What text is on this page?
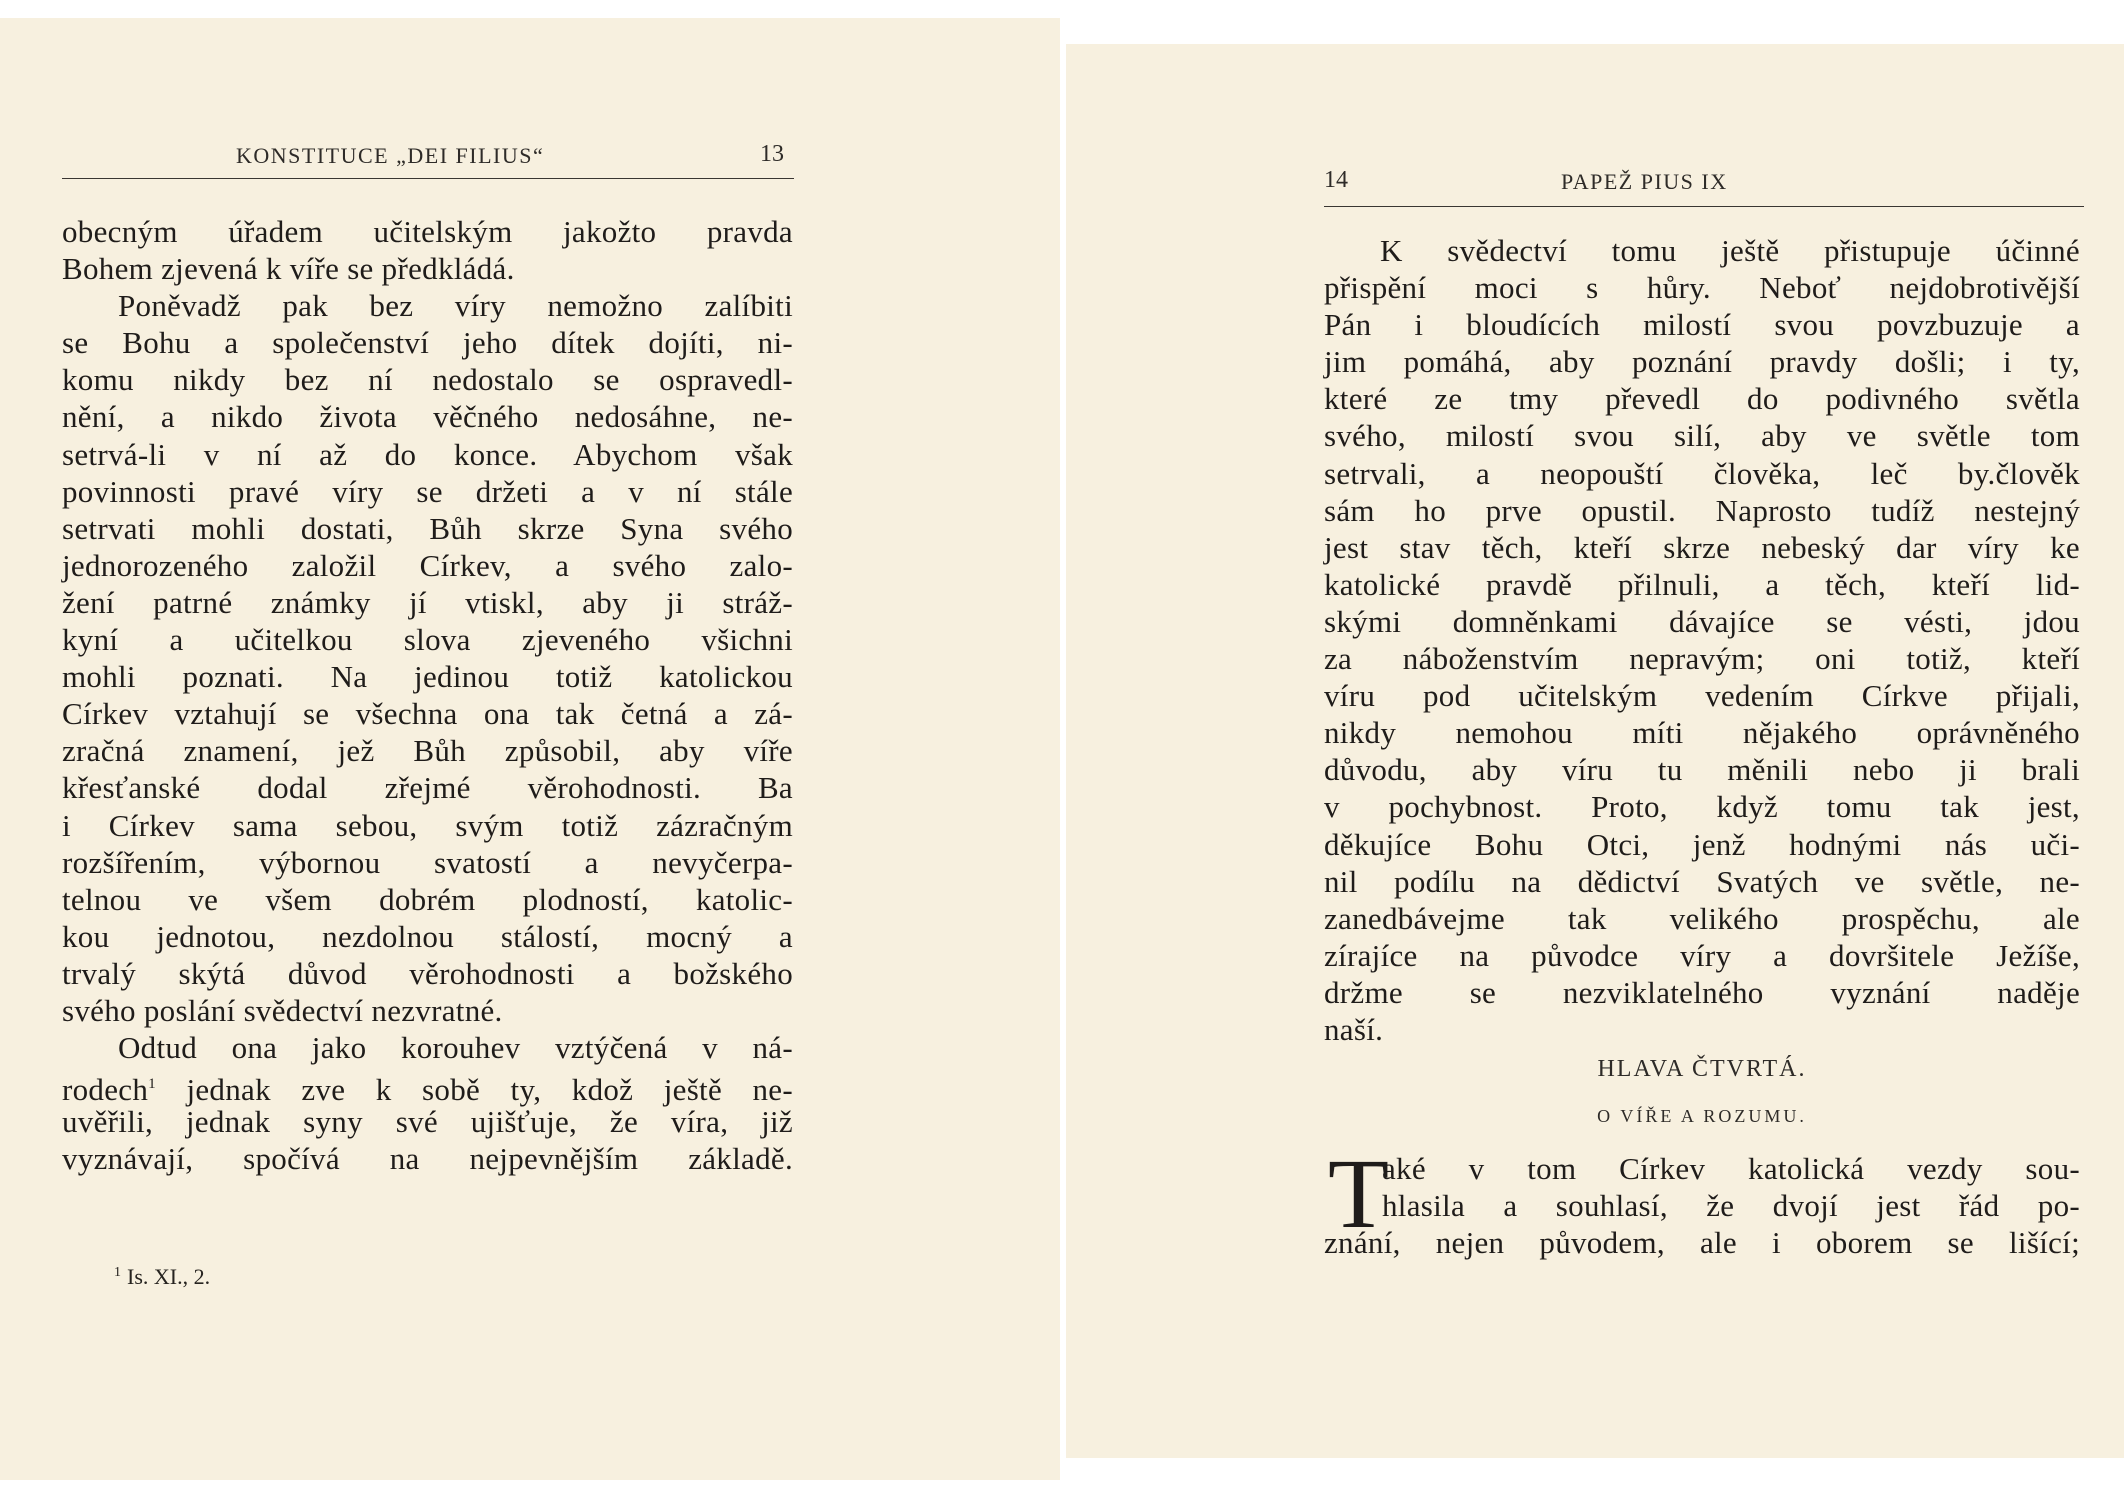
KONSTITUCE „DEI FILIUS“	13
obecným úřadem učitelským jakožto pravda
Bohem zjevená k víře se předkládá.
Poněvadž pak bez víry nemožno zalíbiti
se Bohu a společenství jeho dítek dojíti, ni‑
komu nikdy bez ní nedostalo se ospravedl‑
nění, a nikdo života věčného nedosáhne, ne‑
setrvá‑li v ní až do konce. Abychom však
povinnosti pravé víry se držeti a v ní stále
setrvati mohli dostati, Bůh skrze Syna svého
jednorozeného založil Církev, a svého zalo‑
žení patrné známky jí vtiskl, aby ji stráž‑
kyní a učitelkou slova zjeveného všichni
mohli poznati. Na jedinou totiž katolickou
Církev vztahují se všechna ona tak četná a zá‑
zračná znamení, jež Bůh způsobil, aby víře
křesťanské dodal zřejmé věrohodnosti. Ba
i Církev sama sebou, svým totiž zázračným
rozšířením, výbornou svatostí a nevyčerpa‑
telnou ve všem dobrém plodností, katolic‑
kou jednotou, nezdolnou stálostí, mocný a
trvalý skýtá důvod věrohodnosti a božského
svého poslání svědectví nezvratné.
Odtud ona jako korouhev vztýčená v ná‑
rodech$^1$ jednak zve k sobě ty, kdož ještě ne‑
uvěřili, jednak syny své ujišťuje, že víra, již
vyznávají, spočívá na nejpevnějším základě.
$^1$ Is. XI., 2.
14	PAPEŽ PIUS IX
K svědectví tomu ještě přistupuje účinné
přispění moci s hůry. Neboť nejdobrotivější
Pán i bloudících milostí svou povzbuzuje a
jim pomáhá, aby poznání pravdy došli; i ty,
které ze tmy převedl do podivného světla
svého, milostí svou silí, aby ve světle tom
setrvali, a neopouští člověka, leč by.člověk
sám ho prve opustil. Naprosto tudíž nestejný
jest stav těch, kteří skrze nebeský dar víry ke
katolické pravdě přilnuli, a těch, kteří lid‑
skými domněnkami dávajíce se vésti, jdou
za náboženstvím nepravým; oni totiž, kteří
víru pod učitelským vedením Církve přijali,
nikdy nemohou míti nějakého oprávněného
důvodu, aby víru tu měnili nebo ji brali
v pochybnost. Proto, když tomu tak jest,
děkujíce Bohu Otci, jenž hodnými nás uči‑
nil podílu na dědictví Svatých ve světle, ne‑
zanedbávejme tak velikého prospěchu, ale
zírajíce na původce víry a dovršitele Ježíše,
držme se nezviklatelného vyznání naděje
naší.
HLAVA ČTVRTÁ.
O VÍŘE A ROZUMU.
T
aké v tom Církev katolická vezdy sou‑
hlasila a souhlasí, že dvojí jest řád po‑
znání, nejen původem, ale i oborem se lišící;
